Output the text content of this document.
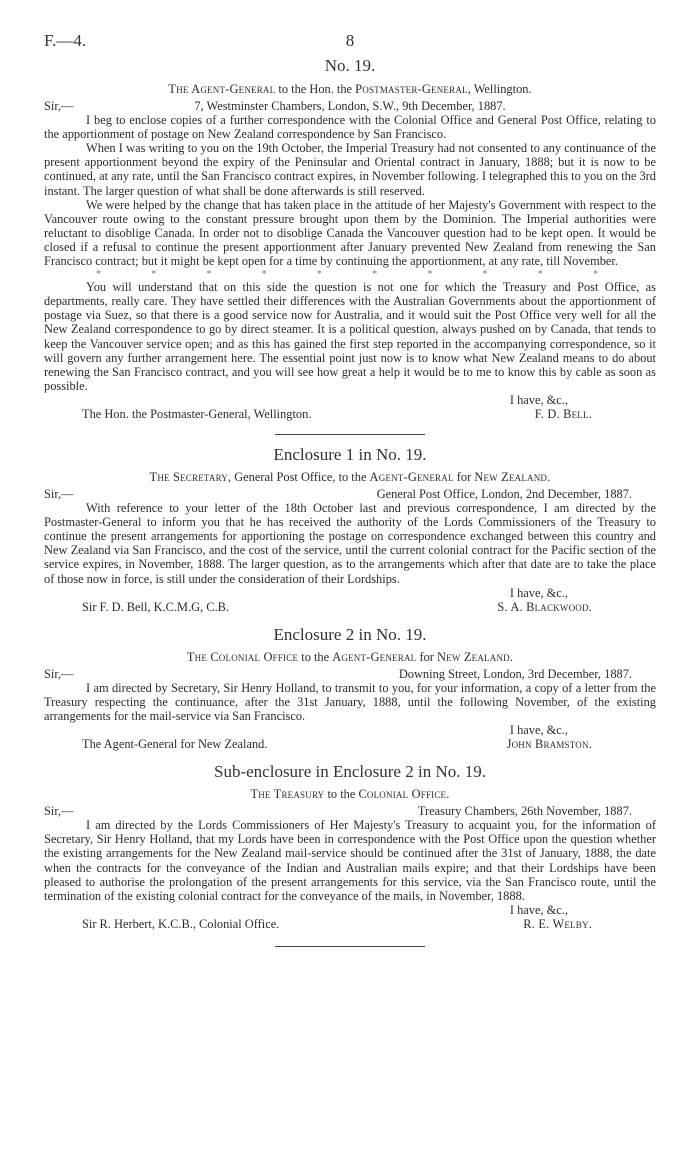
F.—4.	8
No. 19.
The Agent-General to the Hon. the Postmaster-General, Wellington.
Sir,—	7, Westminster Chambers, London, S.W., 9th December, 1887.

I beg to enclose copies of a further correspondence with the Colonial Office and General Post Office, relating to the apportionment of postage on New Zealand correspondence by San Francisco.

When I was writing to you on the 19th October, the Imperial Treasury had not consented to any continuance of the present apportionment beyond the expiry of the Peninsular and Oriental contract in January, 1888; but it is now to be continued, at any rate, until the San Francisco contract expires, in November following. I telegraphed this to you on the 3rd instant. The larger question of what shall be done afterwards is still reserved.

We were helped by the change that has taken place in the attitude of her Majesty's Government with respect to the Vancouver route owing to the constant pressure brought upon them by the Dominion. The Imperial authorities were reluctant to disoblige Canada. In order not to disoblige Canada the Vancouver question had to be kept open. It would be closed if a refusal to continue the present apportionment after January prevented New Zealand from renewing the San Francisco contract; but it might be kept open for a time by continuing the apportionment, at any rate, till November.

*	*	*	*	*	*	*	*	*	*

You will understand that on this side the question is not one for which the Treasury and Post Office, as departments, really care. They have settled their differences with the Australian Governments about the apportionment of postage via Suez, so that there is a good service now for Australia, and it would suit the Post Office very well for all the New Zealand correspondence to go by direct steamer. It is a political question, always pushed on by Canada, that tends to keep the Vancouver service open; and as this has gained the first step reported in the accompanying correspondence, so it will govern any further arrangement here. The essential point just now is to know what New Zealand means to do about renewing the San Francisco contract, and you will see how great a help it would be to me to know this by cable as soon as possible.

I have, &c.,
The Hon. the Postmaster-General, Wellington.	F. D. Bell.
Enclosure 1 in No. 19.
The Secretary, General Post Office, to the Agent-General for New Zealand.
Sir,—	General Post Office, London, 2nd December, 1887.

With reference to your letter of the 18th October last and previous correspondence, I am directed by the Postmaster-General to inform you that he has received the authority of the Lords Commissioners of the Treasury to continue the present arrangements for apportioning the postage on correspondence exchanged between this country and New Zealand via San Francisco, and the cost of the service, until the current colonial contract for the Pacific section of the service expires, in November, 1888. The larger question, as to the arrangements which after that date are to take the place of those now in force, is still under the consideration of their Lordships.

I have, &c.,
Sir F. D. Bell, K.C.M.G, C.B.	S. A. Blackwood.
Enclosure 2 in No. 19.
The Colonial Office to the Agent-General for New Zealand.
Sir,—	Downing Street, London, 3rd December, 1887.

I am directed by Secretary, Sir Henry Holland, to transmit to you, for your information, a copy of a letter from the Treasury respecting the continuance, after the 31st January, 1888, until the following November, of the existing arrangements for the mail-service via San Francisco.

I have, &c.,
The Agent-General for New Zealand.	John Bramston.
Sub-enclosure in Enclosure 2 in No. 19.
The Treasury to the Colonial Office.
Sir,—	Treasury Chambers, 26th November, 1887.

I am directed by the Lords Commissioners of Her Majesty's Treasury to acquaint you, for the information of Secretary, Sir Henry Holland, that my Lords have been in correspondence with the Post Office upon the question whether the existing arrangements for the New Zealand mail-service should be continued after the 31st of January, 1888, the date when the contracts for the conveyance of the Indian and Australian mails expire; and that their Lordships have been pleased to authorise the prolongation of the present arrangements for this service, via the San Francisco route, until the termination of the existing colonial contract for the conveyance of the mails, in November, 1888.

I have, &c.,
Sir R. Herbert, K.C.B., Colonial Office.	R. E. Welby.
